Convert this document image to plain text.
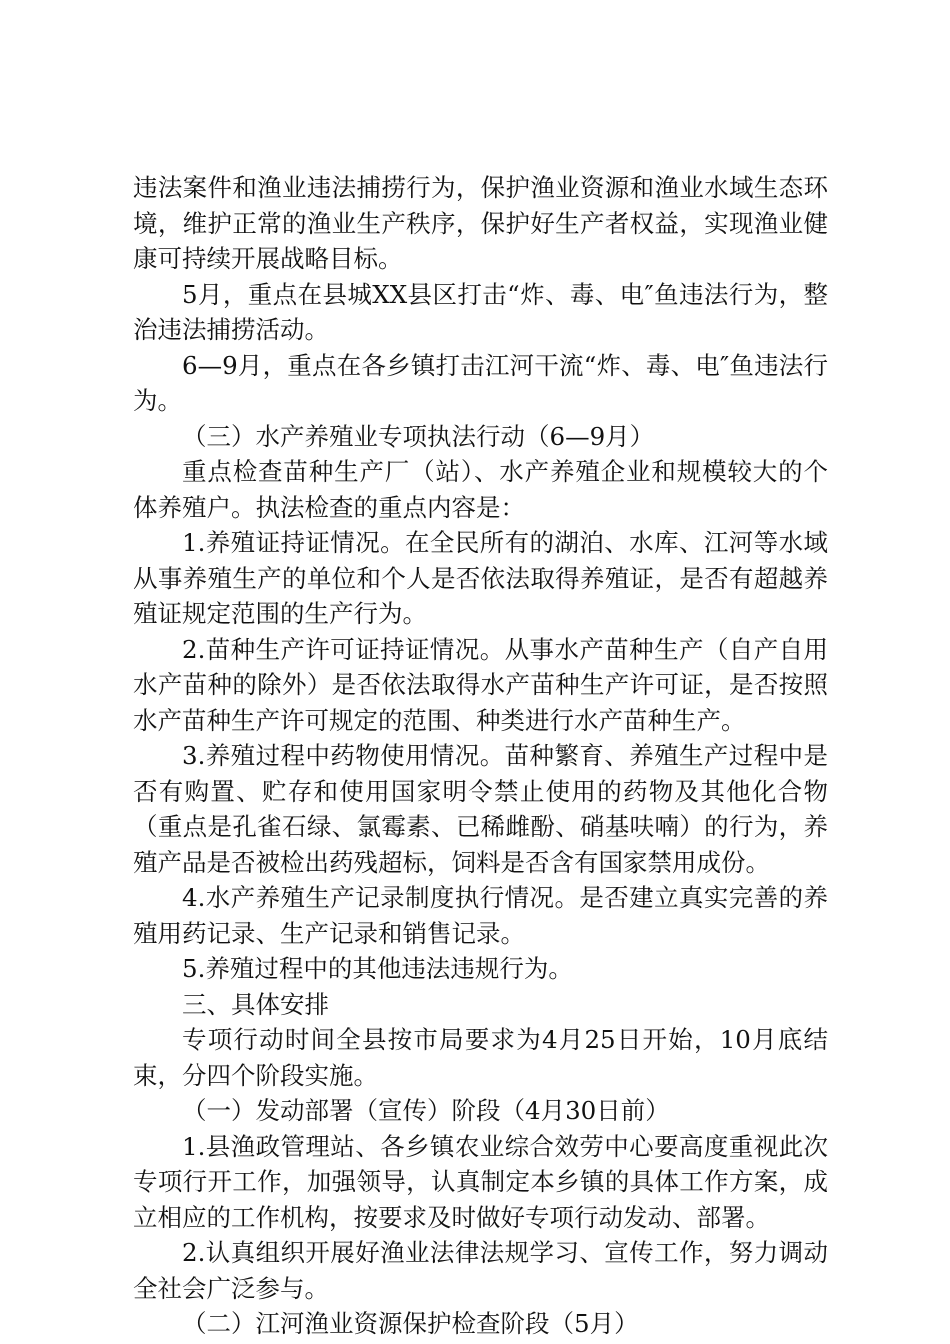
违法案件和渔业违法捕捞行为，保护渔业资源和渔业水域生态环境，维护正常的渔业生产秩序，保护好生产者权益，实现渔业健康可持续开展战略目标。

5月，重点在县城XX县区打击“炸、毒、电″鱼违法行为，整治违法捕捞活动。

6—9月，重点在各乡镇打击江河干流“炸、毒、电″鱼违法行为。

（三）水产养殖业专项执法行动（6—9月）

重点检查苗种生产厂（站）、水产养殖企业和规模较大的个体养殖户。执法检查的重点内容是：

1.养殖证持证情况。在全民所有的湖泊、水库、江河等水域从事养殖生产的单位和个人是否依法取得养殖证，是否有超越养殖证规定范围的生产行为。

2.苗种生产许可证持证情况。从事水产苗种生产（自产自用水产苗种的除外）是否依法取得水产苗种生产许可证，是否按照水产苗种生产许可规定的范围、种类进行水产苗种生产。

3.养殖过程中药物使用情况。苗种繁育、养殖生产过程中是否有购置、贮存和使用国家明令禁止使用的药物及其他化合物（重点是孔雀石绿、氯霉素、已稀雌酚、硝基呋喃）的行为，养殖产品是否被检出药残超标，饲料是否含有国家禁用成份。

4.水产养殖生产记录制度执行情况。是否建立真实完善的养殖用药记录、生产记录和销售记录。

5.养殖过程中的其他违法违规行为。

三、具体安排

专项行动时间全县按市局要求为4月25日开始，10月底结束，分四个阶段实施。

（一）发动部署（宣传）阶段（4月30日前）

1.县渔政管理站、各乡镇农业综合效劳中心要高度重视此次专项行开工作，加强领导，认真制定本乡镇的具体工作方案，成立相应的工作机构，按要求及时做好专项行动发动、部署。

2.认真组织开展好渔业法律法规学习、宣传工作，努力调动全社会广泛参与。

（二）江河渔业资源保护检查阶段（5月）
